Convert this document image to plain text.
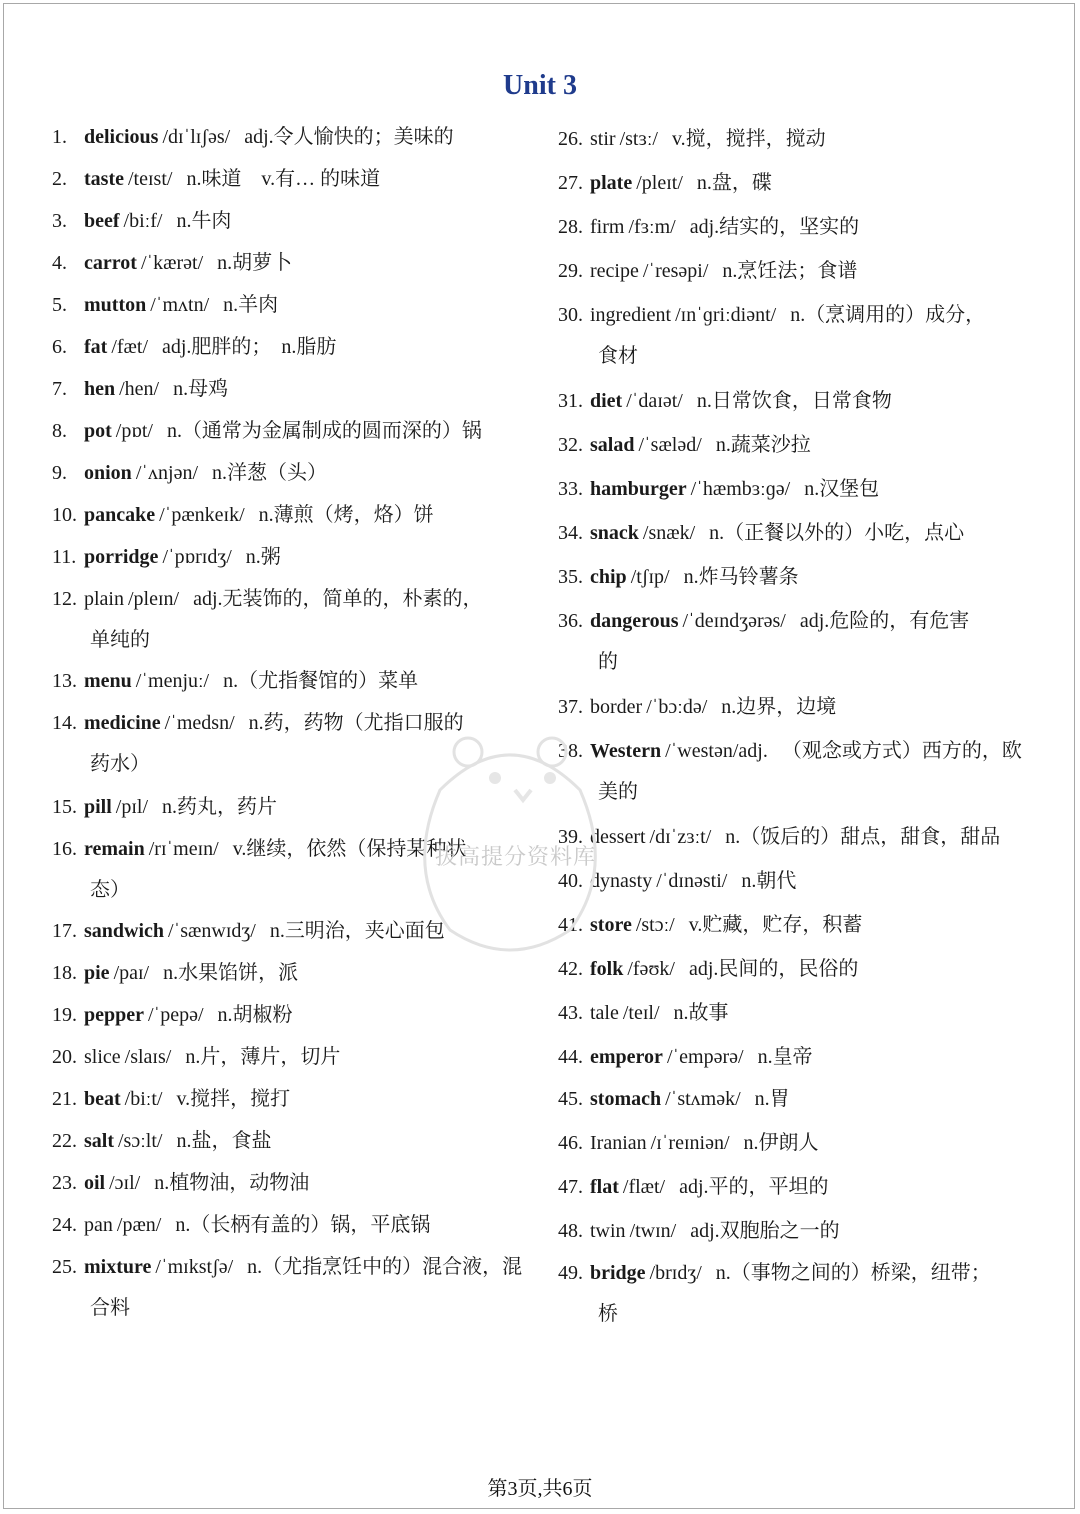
Unit 3
1. delicious /dɪˈlɪʃəs/ adj.令人愉快的；美味的
2. taste /teɪst/ n.味道　v.有… 的味道
3. beef /biːf/ n.牛肉
4. carrot /ˈkærət/ n.胡萝卜
5. mutton /ˈmʌtn/ n.羊肉
6. fat /fæt/ adj.肥胖的；　n.脂肪
7. hen /hen/ n.母鸡
8. pot /pɒt/ n.（通常为金属制成的圆而深的）锅
9. onion /ˈʌnjən/ n.洋葱（头）
10. pancake /ˈpænkeɪk/ n.薄煎（烤，烙）饼
11. porridge /ˈpɒrɪdʒ/ n.粥
12. plain /pleɪn/ adj.无装饰的，简单的，朴素的，
单纯的
13. menu /ˈmenjuː/ n.（尤指餐馆的）菜单
14. medicine /ˈmedsn/ n.药，药物（尤指口服的
药水）
15. pill /pɪl/ n.药丸，药片
16. remain /rɪˈmeɪn/ v.继续，依然（保持某种状
态）
17. sandwich /ˈsænwɪdʒ/ n.三明治，夹心面包
18. pie /paɪ/ n.水果馅饼，派
19. pepper /ˈpepə/ n.胡椒粉
20. slice /slaɪs/ n.片，薄片，切片
21. beat /biːt/ v.搅拌，搅打
22. salt /sɔːlt/ n.盐，食盐
23. oil /ɔɪl/ n.植物油，动物油
24. pan /pæn/ n.（长柄有盖的）锅，平底锅
25. mixture /ˈmɪkstʃə/ n.（尤指烹饪中的）混合液，混
合料
26. stir /stɜː/ v.搅，搅拌，搅动
27. plate /pleɪt/ n.盘，碟
28. firm /fɜːm/ adj.结实的，坚实的
29. recipe /ˈresəpi/ n.烹饪法；食谱
30. ingredient /ɪnˈɡriːdiənt/ n.（烹调用的）成分，
食材
31. diet /ˈdaɪət/ n.日常饮食，日常食物
32. salad /ˈsæləd/ n.蔬菜沙拉
33. hamburger /ˈhæmbɜːɡə/ n.汉堡包
34. snack /snæk/ n.（正餐以外的）小吃，点心
35. chip /tʃɪp/ n.炸马铃薯条
36. dangerous /ˈdeɪndʒərəs/ adj.危险的，有危害
的
37. border /ˈbɔːdə/ n.边界，边境
38. Western /ˈwestən/adj. （观念或方式）西方的，欧
美的
39. dessert /dɪˈzɜːt/ n.（饭后的）甜点，甜食，甜品
40. dynasty /ˈdɪnəsti/ n.朝代
41. store /stɔː/ v.贮藏，贮存，积蓄
42. folk /fəʊk/ adj.民间的，民俗的
43. tale /teɪl/ n.故事
44. emperor /ˈempərə/ n.皇帝
45. stomach /ˈstʌmək/ n.胃
46. Iranian /ɪˈreɪniən/ n.伊朗人
47. flat /flæt/ adj.平的，平坦的
48. twin /twɪn/ adj.双胞胎之一的
49. bridge /brɪdʒ/ n.（事物之间的）桥梁，纽带；
桥
拔高提分资料库
第3页,共6页
